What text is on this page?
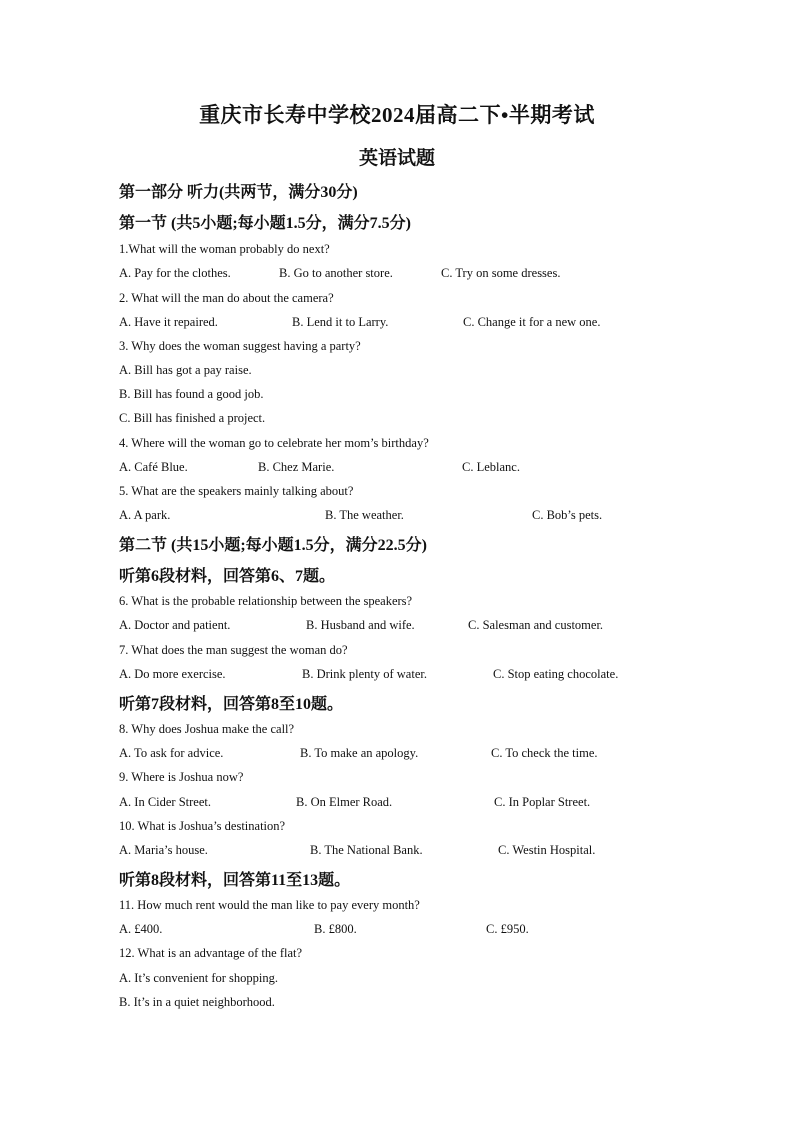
重庆市长寿中学校2024届高二下•半期考试
英语试题
第一部分 听力(共两节，满分30分)
第一节 (共5小题;每小题1.5分，满分7.5分)
1.What will the woman probably do next?
A. Pay for the clothes.	B. Go to another store.	C. Try on some dresses.
2. What will the man do about the camera?
A. Have it repaired.	B. Lend it to Larry.	C. Change it for a new one.
3. Why does the woman suggest having a party?
A. Bill has got a pay raise.
B. Bill has found a good job.
C. Bill has finished a project.
4. Where will the woman go to celebrate her mom’s birthday?
A. Café Blue.	B. Chez Marie.	C. Leblanc.
5. What are the speakers mainly talking about?
A. A park.	B. The weather.	C. Bob’s pets.
第二节 (共15小题;每小题1.5分，满分22.5分)
听第6段材料，回答第6、7题。
6. What is the probable relationship between the speakers?
A. Doctor and patient.	B. Husband and wife.	C. Salesman and customer.
7. What does the man suggest the woman do?
A. Do more exercise.	B. Drink plenty of water.	C. Stop eating chocolate.
听第7段材料，回答第8至10题。
8. Why does Joshua make the call?
A. To ask for advice.	B. To make an apology.	C. To check the time.
9. Where is Joshua now?
A. In Cider Street.	B. On Elmer Road.	C. In Poplar Street.
10. What is Joshua’s destination?
A. Maria’s house.	B. The National Bank.	C. Westin Hospital.
听第8段材料，回答第11至13题。
11. How much rent would the man like to pay every month?
A. £400.	B. £800.	C. £950.
12. What is an advantage of the flat?
A. It’s convenient for shopping.
B. It’s in a quiet neighborhood.
